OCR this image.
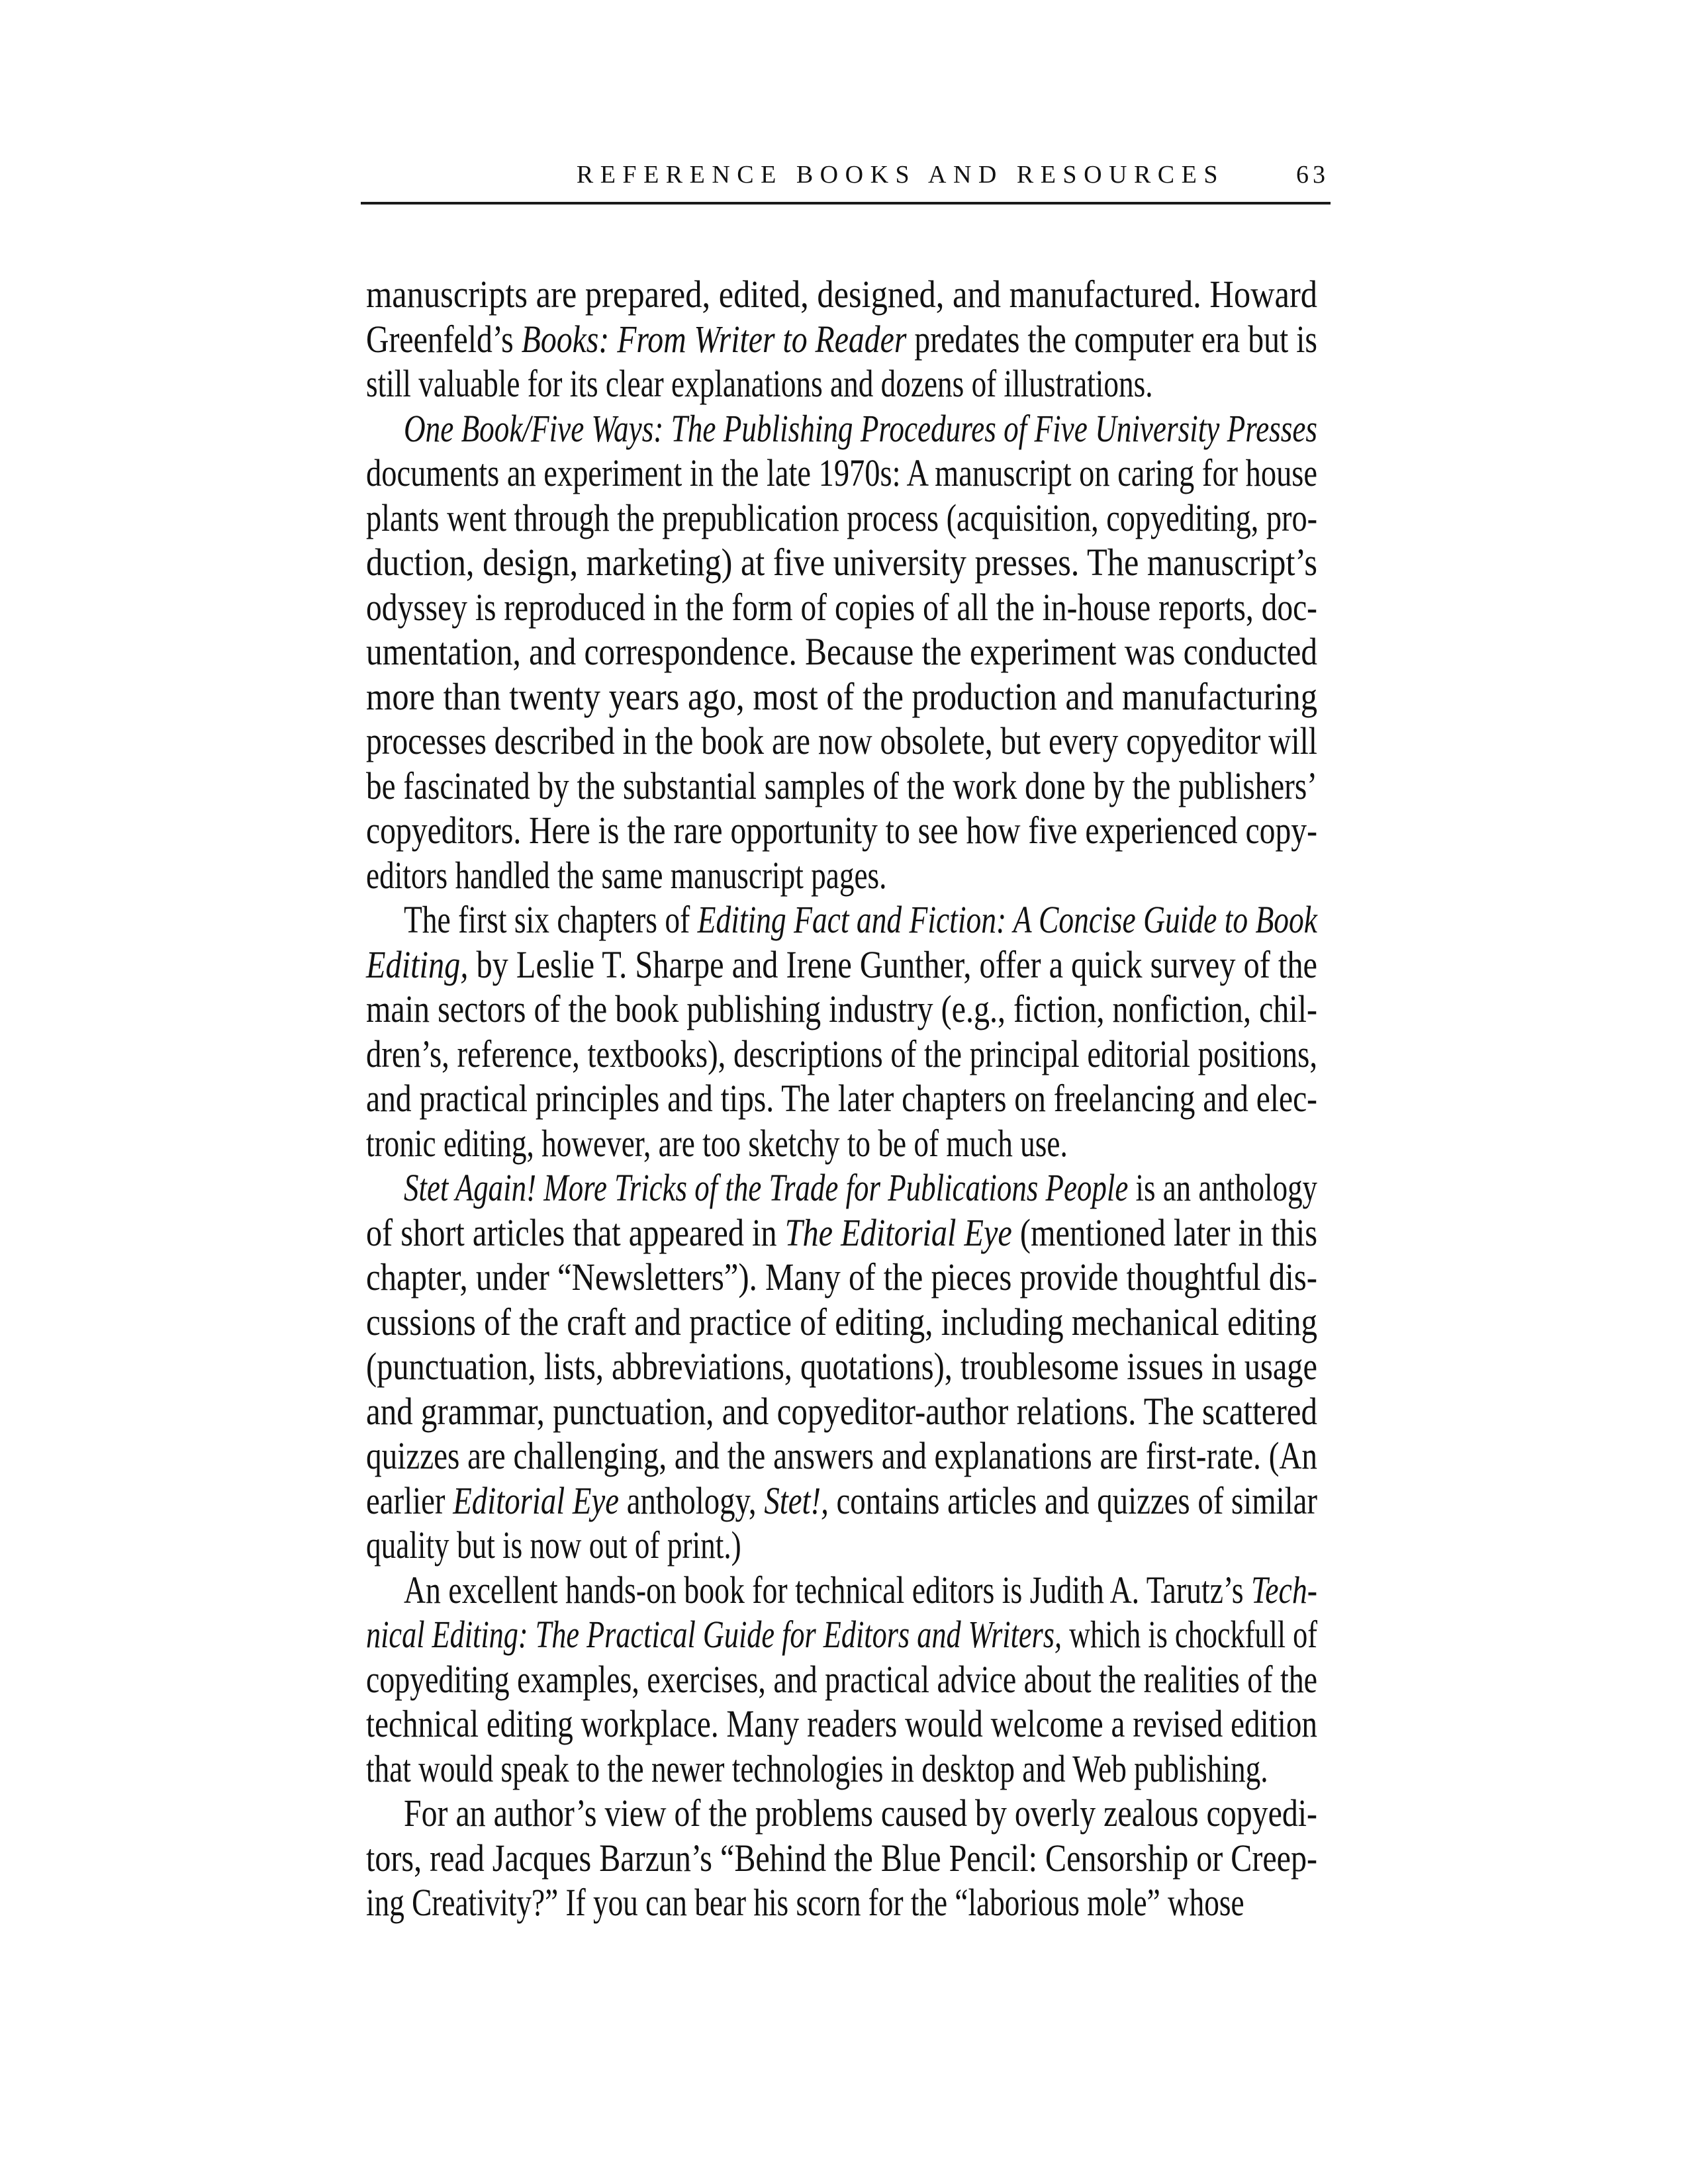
REFERENCE BOOKS AND RESOURCES	63
manuscripts are prepared, edited, designed, and manufactured. Howard
Greenfeld’s Books: From Writer to Reader predates the computer era but is
still valuable for its clear explanations and dozens of illustrations.
One Book/Five Ways: The Publishing Procedures of Five University Presses
documents an experiment in the late 1970s: A manuscript on caring for house
plants went through the prepublication process (acquisition, copyediting, pro-
duction, design, marketing) at five university presses. The manuscript’s
odyssey is reproduced in the form of copies of all the in-house reports, doc-
umentation, and correspondence. Because the experiment was conducted
more than twenty years ago, most of the production and manufacturing
processes described in the book are now obsolete, but every copyeditor will
be fascinated by the substantial samples of the work done by the publishers’
copyeditors. Here is the rare opportunity to see how five experienced copy-
editors handled the same manuscript pages.
The first six chapters of Editing Fact and Fiction: A Concise Guide to Book
Editing, by Leslie T. Sharpe and Irene Gunther, offer a quick survey of the
main sectors of the book publishing industry (e.g., fiction, nonfiction, chil-
dren’s, reference, textbooks), descriptions of the principal editorial positions,
and practical principles and tips. The later chapters on freelancing and elec-
tronic editing, however, are too sketchy to be of much use.
Stet Again! More Tricks of the Trade for Publications People is an anthology
of short articles that appeared in The Editorial Eye (mentioned later in this
chapter, under “Newsletters”). Many of the pieces provide thoughtful dis-
cussions of the craft and practice of editing, including mechanical editing
(punctuation, lists, abbreviations, quotations), troublesome issues in usage
and grammar, punctuation, and copyeditor-author relations. The scattered
quizzes are challenging, and the answers and explanations are first-rate. (An
earlier Editorial Eye anthology, Stet!, contains articles and quizzes of similar
quality but is now out of print.)
An excellent hands-on book for technical editors is Judith A. Tarutz’s Tech-
nical Editing: The Practical Guide for Editors and Writers, which is chockfull of
copyediting examples, exercises, and practical advice about the realities of the
technical editing workplace. Many readers would welcome a revised edition
that would speak to the newer technologies in desktop and Web publishing.
For an author’s view of the problems caused by overly zealous copyedi-
tors, read Jacques Barzun’s “Behind the Blue Pencil: Censorship or Creep-
ing Creativity?” If you can bear his scorn for the “laborious mole” whose
